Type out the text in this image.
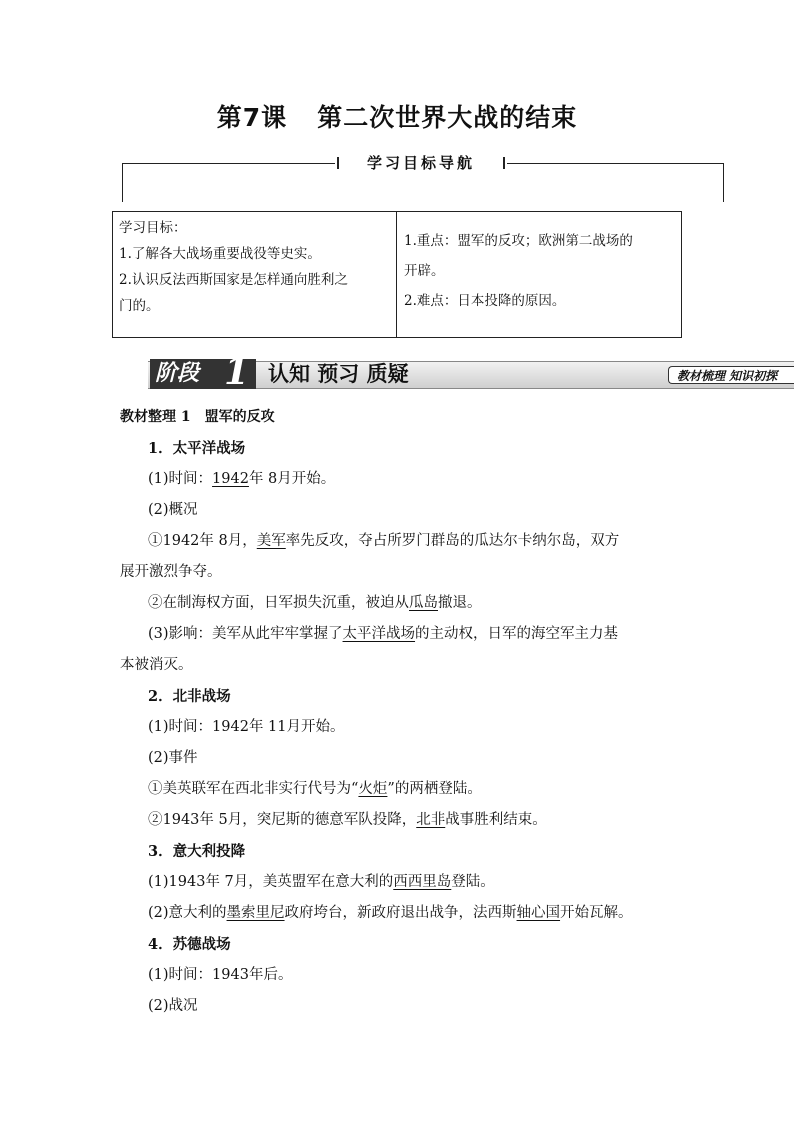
第7课 第二次世界大战的结束
学习目标导航
学习目标：
1.了解各大战场重要战役等史实。
2.认识反法西斯国家是怎样通向胜利之
门的。
1.重点：盟军的反攻；欧洲第二战场的
开辟。
2.难点：日本投降的原因。
阶段 1 认知 预习 质疑	教材梳理 知识初探
教材整理 1　盟军的反攻
1．太平洋战场
(1)时间：1942年 8月开始。
(2)概况
①1942年 8月，美军率先反攻，夺占所罗门群岛的瓜达尔卡纳尔岛，双方
展开激烈争夺。
②在制海权方面，日军损失沉重，被迫从瓜岛撤退。
(3)影响：美军从此牢牢掌握了太平洋战场的主动权，日军的海空军主力基
本被消灭。
2．北非战场
(1)时间：1942年 11月开始。
(2)事件
①美英联军在西北非实行代号为“火炬”的两栖登陆。
②1943年 5月，突尼斯的德意军队投降，北非战事胜利结束。
3．意大利投降
(1)1943年 7月，美英盟军在意大利的西西里岛登陆。
(2)意大利的墨索里尼政府垮台，新政府退出战争，法西斯轴心国开始瓦解。
4．苏德战场
(1)时间：1943年后。
(2)战况
